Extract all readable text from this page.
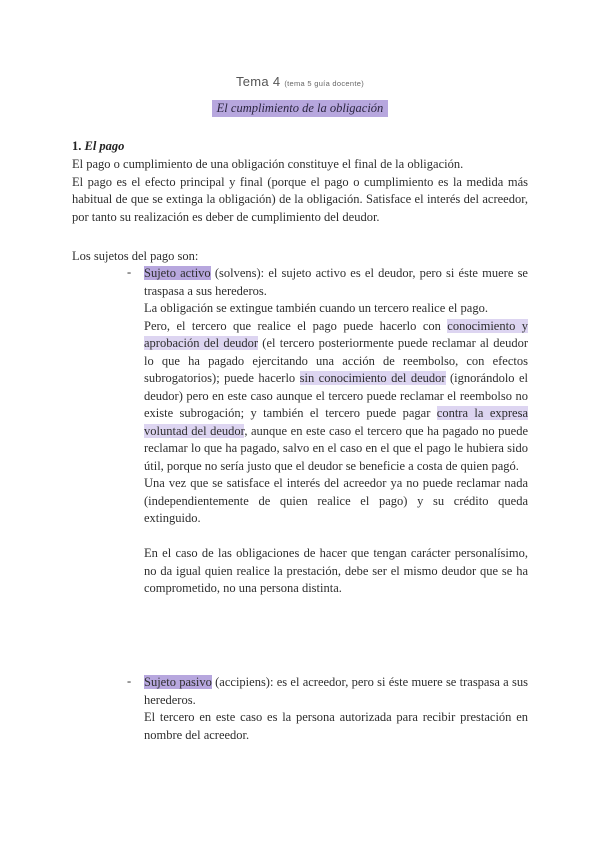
Tema 4 (tema 5 guía docente)
El cumplimiento de la obligación
1. El pago

El pago o cumplimiento de una obligación constituye el final de la obligación.

El pago es el efecto principal y final (porque el pago o cumplimiento es la medida más habitual de que se extinga la obligación) de la obligación. Satisface el interés del acreedor, por tanto su realización es deber de cumplimiento del deudor.

Los sujetos del pago son:
- Sujeto activo (solvens): el sujeto activo es el deudor, pero si éste muere se traspasa a sus herederos.

La obligación se extingue también cuando un tercero realice el pago.

Pero, el tercero que realice el pago puede hacerlo con conocimiento y aprobación del deudor (el tercero posteriormente puede reclamar al deudor lo que ha pagado ejercitando una acción de reembolso, con efectos subrogatorios); puede hacerlo sin conocimiento del deudor (ignorándolo el deudor) pero en este caso aunque el tercero puede reclamar el reembolso no existe subrogación; y también el tercero puede pagar contra la expresa voluntad del deudor, aunque en este caso el tercero que ha pagado no puede reclamar lo que ha pagado, salvo en el caso en el que el pago le hubiera sido útil, porque no sería justo que el deudor se beneficie a costa de quien pagó.

Una vez que se satisface el interés del acreedor ya no puede reclamar nada (independientemente de quien realice el pago) y su crédito queda extinguido.

En el caso de las obligaciones de hacer que tengan carácter personalísimo, no da igual quien realice la prestación, debe ser el mismo deudor que se ha comprometido, no una persona distinta.

- Sujeto pasivo (accipiens): es el acreedor, pero si éste muere se traspasa a sus herederos.

El tercero en este caso es la persona autorizada para recibir prestación en nombre del acreedor.
